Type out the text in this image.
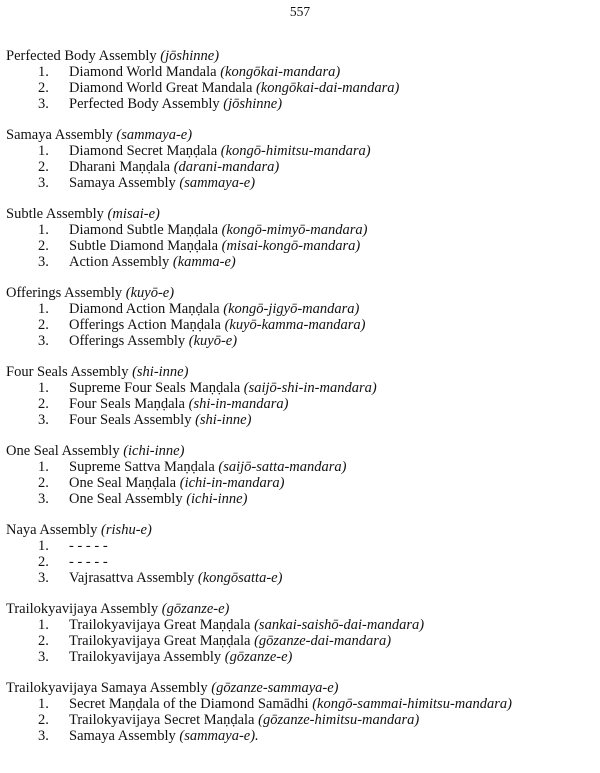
557
Perfected Body Assembly (jōshinne)
1. Diamond World Mandala (kongōkai-mandara)
2. Diamond World Great Mandala (kongōkai-dai-mandara)
3. Perfected Body Assembly (jōshinne)
Samaya Assembly (sammaya-e)
1. Diamond Secret Maṇḍala (kongō-himitsu-mandara)
2. Dharani Maṇḍala (darani-mandara)
3. Samaya Assembly (sammaya-e)
Subtle Assembly (misai-e)
1. Diamond Subtle Maṇḍala (kongō-mimyō-mandara)
2. Subtle Diamond Maṇḍala (misai-kongō-mandara)
3. Action Assembly (kamma-e)
Offerings Assembly (kuyō-e)
1. Diamond Action Maṇḍala (kongō-jigyō-mandara)
2. Offerings Action Maṇḍala (kuyō-kamma-mandara)
3. Offerings Assembly (kuyō-e)
Four Seals Assembly (shi-inne)
1. Supreme Four Seals Maṇḍala (saijō-shi-in-mandara)
2. Four Seals Maṇḍala (shi-in-mandara)
3. Four Seals Assembly (shi-inne)
One Seal Assembly (ichi-inne)
1. Supreme Sattva Maṇḍala (saijō-satta-mandara)
2. One Seal Maṇḍala (ichi-in-mandara)
3. One Seal Assembly (ichi-inne)
Naya Assembly (rishu-e)
1. - - - - -
2. - - - - -
3. Vajrasattva Assembly (kongōsatta-e)
Trailokyavijaya Assembly (gōzanze-e)
1. Trailokyavijaya Great Maṇḍala (sankai-saishō-dai-mandara)
2. Trailokyavijaya Great Maṇḍala (gōzanze-dai-mandara)
3. Trailokyavijaya Assembly (gōzanze-e)
Trailokyavijaya Samaya Assembly (gōzanze-sammaya-e)
1. Secret Maṇḍala of the Diamond Samādhi (kongō-sammai-himitsu-mandara)
2. Trailokyavijaya Secret Maṇḍala (gōzanze-himitsu-mandara)
3. Samaya Assembly (sammaya-e).
